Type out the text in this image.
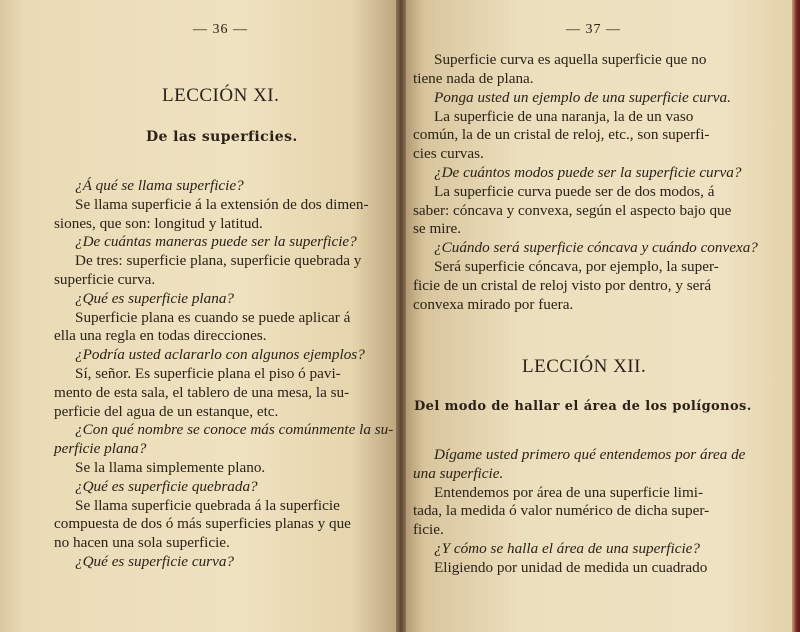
— 36 —
LECCIÓN XI.
De las superficies.
¿Á qué se llama superficie?
Se llama superficie á la extensión de dos dimen-
siones, que son: longitud y latitud.
¿De cuántas maneras puede ser la superficie?
De tres: superficie plana, superficie quebrada y
superficie curva.
¿Qué es superficie plana?
Superficie plana es cuando se puede aplicar á
ella una regla en todas direcciones.
¿Podría usted aclararlo con algunos ejemplos?
Sí, señor. Es superficie plana el piso ó pavi-
mento de esta sala, el tablero de una mesa, la su-
perficie del agua de un estanque, etc.
¿Con qué nombre se conoce más comúnmente la su-
perficie plana?
Se la llama simplemente plano.
¿Qué es superficie quebrada?
Se llama superficie quebrada á la superficie
compuesta de dos ó más superficies planas y que
no hacen una sola superficie.
¿Qué es superficie curva?
— 37 —
Superficie curva es aquella superficie que no
tiene nada de plana.
Ponga usted un ejemplo de una superficie curva.
La superficie de una naranja, la de un vaso
común, la de un cristal de reloj, etc., son superfi-
cies curvas.
¿De cuántos modos puede ser la superficie curva?
La superficie curva puede ser de dos modos, á
saber: cóncava y convexa, según el aspecto bajo que
se mire.
¿Cuándo será superficie cóncava y cuándo convexa?
Será superficie cóncava, por ejemplo, la super-
ficie de un cristal de reloj visto por dentro, y será
convexa mirado por fuera.
LECCIÓN XII.
Del modo de hallar el área de los polígonos.
Dígame usted primero qué entendemos por área de
una superficie.
Entendemos por área de una superficie limi-
tada, la medida ó valor numérico de dicha super-
ficie.
¿Y cómo se halla el área de una superficie?
Eligiendo por unidad de medida un cuadrado
